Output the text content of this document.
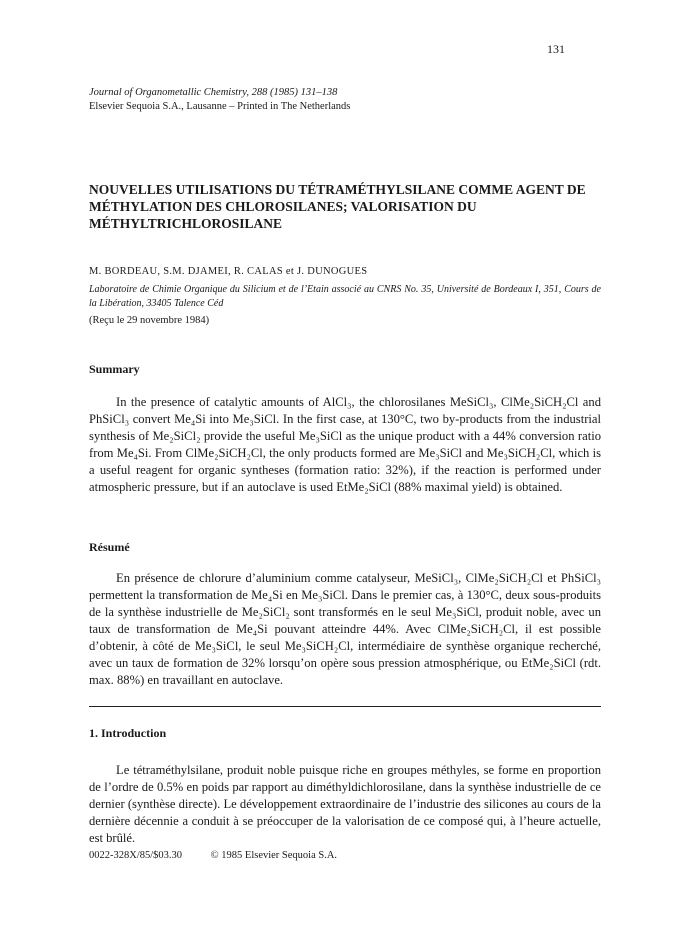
131
Journal of Organometallic Chemistry, 288 (1985) 131–138
Elsevier Sequoia S.A., Lausanne – Printed in The Netherlands
NOUVELLES UTILISATIONS DU TÉTRAMÉTHYLSILANE COMME AGENT DE MÉTHYLATION DES CHLOROSILANES; VALORISATION DU MÉTHYLTRICHLOROSILANE
M. BORDEAU, S.M. DJAMEI, R. CALAS et J. DUNOGUES
Laboratoire de Chimie Organique du Silicium et de l’Etain associé au CNRS No. 35, Université de Bordeaux I, 351, Cours de la Libération, 33405 Talence Céd
(Reçu le 29 novembre 1984)
Summary

In the presence of catalytic amounts of AlCl₃, the chlorosilanes MeSiCl₃, ClMe₂SiCH₂Cl and PhSiCl₃ convert Me₄Si into Me₃SiCl. In the first case, at 130°C, two by-products from the industrial synthesis of Me₂SiCl₂ provide the useful Me₃SiCl as the unique product with a 44% conversion ratio from Me₄Si. From ClMe₂SiCH₂Cl, the only products formed are Me₃SiCl and Me₃SiCH₂Cl, which is a useful reagent for organic syntheses (formation ratio: 32%), if the reaction is performed under atmospheric pressure, but if an autoclave is used EtMe₂SiCl (88% maximal yield) is obtained.

Résumé

En présence de chlorure d’aluminium comme catalyseur, MeSiCl₃, ClMe₂SiCH₂Cl et PhSiCl₃ permettent la transformation de Me₄Si en Me₃SiCl. Dans le premier cas, à 130°C, deux sous-produits de la synthèse industrielle de Me₂SiCl₂ sont transformés en le seul Me₃SiCl, produit noble, avec un taux de transformation de Me₄Si pouvant atteindre 44%. Avec ClMe₂SiCH₂Cl, il est possible d’obtenir, à côté de Me₃SiCl, le seul Me₃SiCH₂Cl, intermédiaire de synthèse organique recherché, avec un taux de formation de 32% lorsqu’on opère sous pression atmosphérique, ou EtMe₂SiCl (rdt. max. 88%) en travaillant en autoclave.

1. Introduction

Le tétraméthylsilane, produit noble puisque riche en groupes méthyles, se forme en proportion de l’ordre de 0.5% en poids par rapport au diméthyldichlorosilane, dans la synthèse industrielle de ce dernier (synthèse directe). Le développement extraordinaire de l’industrie des silicones au cours de la dernière décennie a conduit à se préoccuper de la valorisation de ce composé qui, à l’heure actuelle, est brûlé.

0022-328X/85/$03.30	© 1985 Elsevier Sequoia S.A.
